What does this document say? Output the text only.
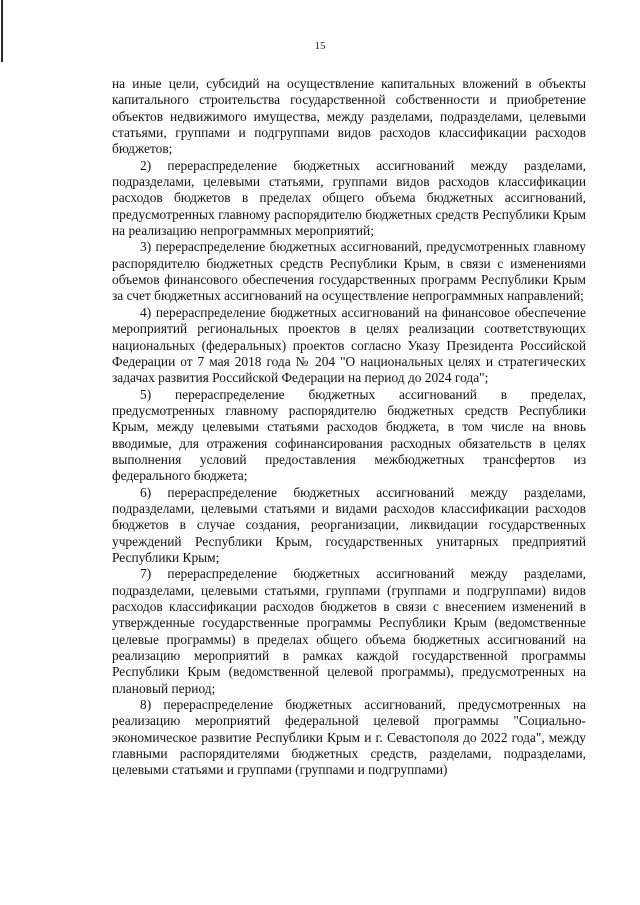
15

на иные цели, субсидий на осуществление капитальных вложений в объекты капитального строительства государственной собственности и приобретение объектов недвижимого имущества, между разделами, подразделами, целевыми статьями, группами и подгруппами видов расходов классификации расходов бюджетов;

2) перераспределение бюджетных ассигнований между разделами, подразделами, целевыми статьями, группами видов расходов классификации расходов бюджетов в пределах общего объема бюджетных ассигнований, предусмотренных главному распорядителю бюджетных средств Республики Крым на реализацию непрограммных мероприятий;

3) перераспределение бюджетных ассигнований, предусмотренных главному распорядителю бюджетных средств Республики Крым, в связи с изменениями объемов финансового обеспечения государственных программ Республики Крым за счет бюджетных ассигнований на осуществление непрограммных направлений;

4) перераспределение бюджетных ассигнований на финансовое обеспечение мероприятий региональных проектов в целях реализации соответствующих национальных (федеральных) проектов согласно Указу Президента Российской Федерации от 7 мая 2018 года № 204 "О национальных целях и стратегических задачах развития Российской Федерации на период до 2024 года";

5) перераспределение бюджетных ассигнований в пределах, предусмотренных главному распорядителю бюджетных средств Республики Крым, между целевыми статьями расходов бюджета, в том числе на вновь вводимые, для отражения софинансирования расходных обязательств в целях выполнения условий предоставления межбюджетных трансфертов из федерального бюджета;

6) перераспределение бюджетных ассигнований между разделами, подразделами, целевыми статьями и видами расходов классификации расходов бюджетов в случае создания, реорганизации, ликвидации государственных учреждений Республики Крым, государственных унитарных предприятий Республики Крым;

7) перераспределение бюджетных ассигнований между разделами, подразделами, целевыми статьями, группами (группами и подгруппами) видов расходов классификации расходов бюджетов в связи с внесением изменений в утвержденные государственные программы Республики Крым (ведомственные целевые программы) в пределах общего объема бюджетных ассигнований на реализацию мероприятий в рамках каждой государственной программы Республики Крым (ведомственной целевой программы), предусмотренных на плановый период;

8) перераспределение бюджетных ассигнований, предусмотренных на реализацию мероприятий федеральной целевой программы "Социально-экономическое развитие Республики Крым и г. Севастополя до 2022 года", между главными распорядителями бюджетных средств, разделами, подразделами, целевыми статьями и группами (группами и подгруппами)
